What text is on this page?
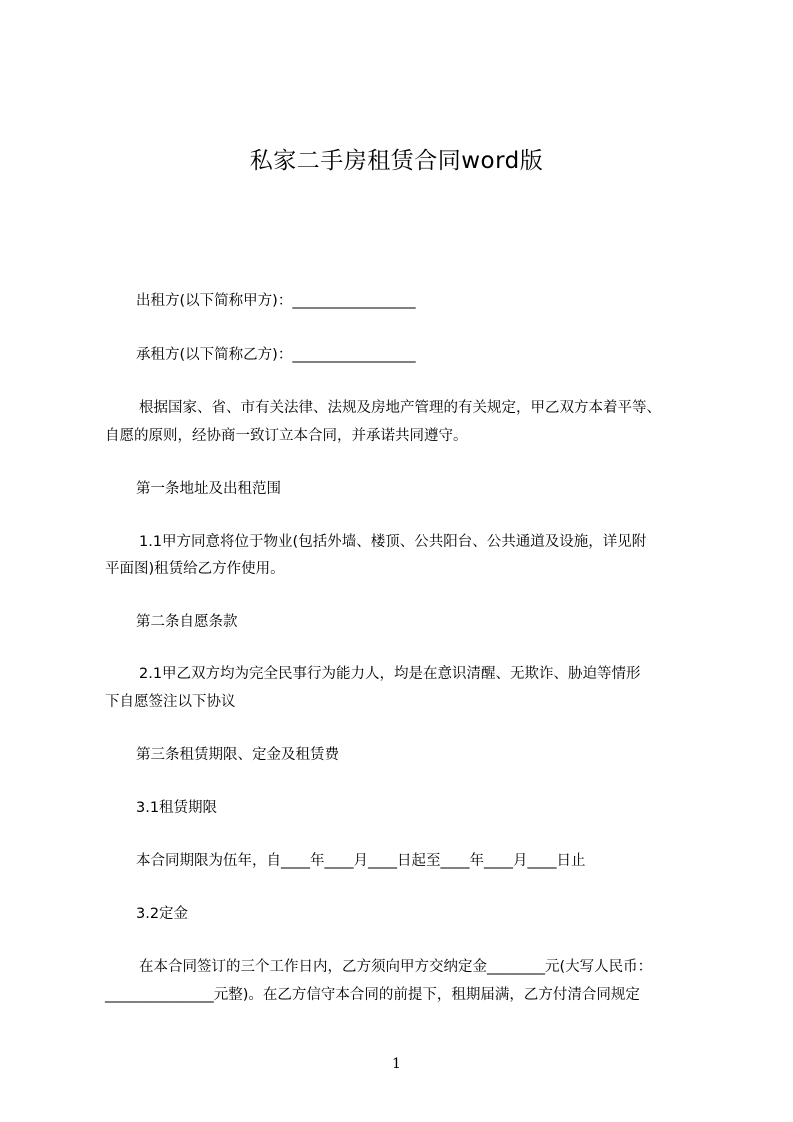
私家二手房租赁合同word版
出租方(以下简称甲方)：_________________
承租方(以下简称乙方)：_________________
根据国家、省、市有关法律、法规及房地产管理的有关规定，甲乙双方本着平等、
自愿的原则，经协商一致订立本合同，并承诺共同遵守。
第一条地址及出租范围
1.1甲方同意将位于物业(包括外墙、楼顶、公共阳台、公共通道及设施，详见附
平面图)租赁给乙方作使用。
第二条自愿条款
2.1甲乙双方均为完全民事行为能力人，均是在意识清醒、无欺诈、胁迫等情形
下自愿签注以下协议
第三条租赁期限、定金及租赁费
3.1租赁期限
本合同期限为伍年，自____年____月____日起至____年____月____日止
3.2定金
在本合同签订的三个工作日内，乙方须向甲方交纳定金________元(大写人民币：
_______________元整)。在乙方信守本合同的前提下，租期届满，乙方付清合同规定
1
